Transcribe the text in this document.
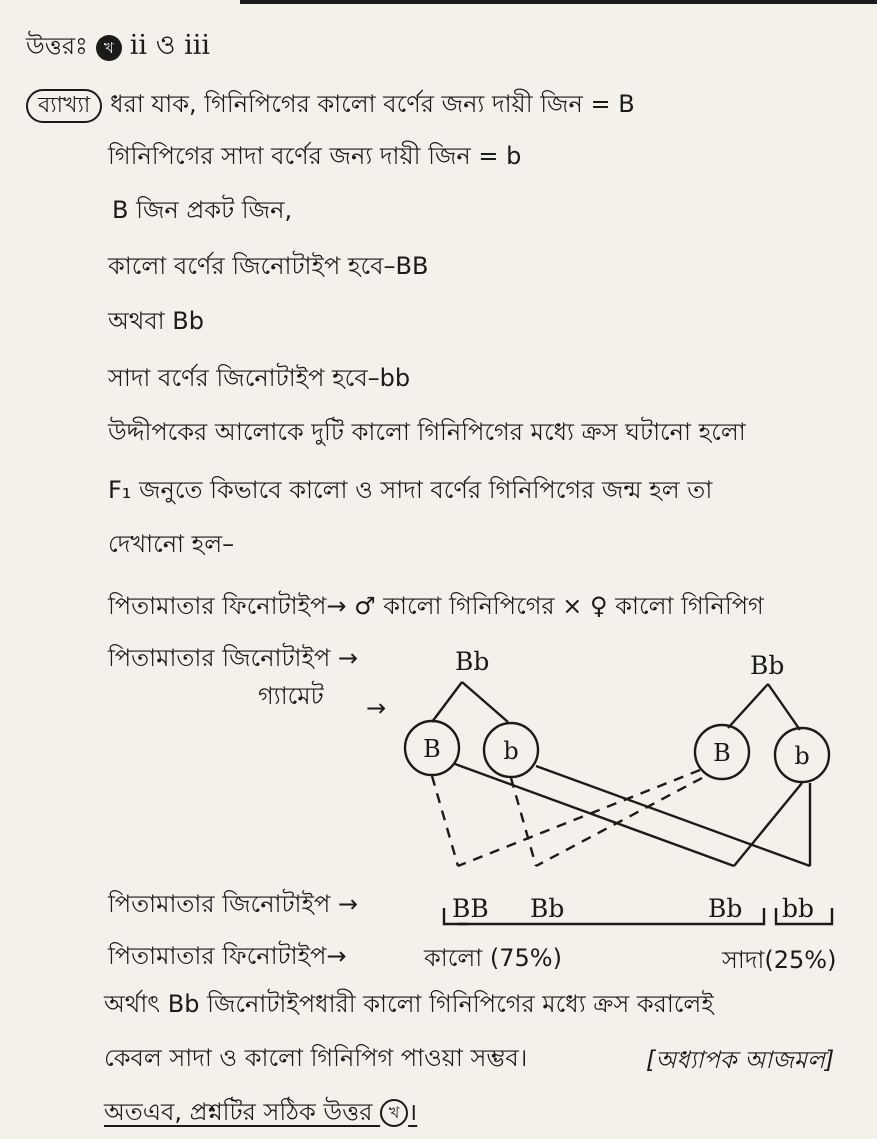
উত্তরঃ খ ii ও iii
ব্যাখ্যা ধরা যাক, গিনিপিগের কালো বর্ণের জন্য দায়ী জিন = B
গিনিপিগের সাদা বর্ণের জন্য দায়ী জিন = b
B জিন প্রকট জিন,
কালো বর্ণের জিনোটাইপ হবে–BB
অথবা Bb
সাদা বর্ণের জিনোটাইপ হবে–bb
উদ্দীপকের আলোকে দুটি কালো গিনিপিগের মধ্যে ক্রস ঘটানো হলো
F₁ জনুতে কিভাবে কালো ও সাদা বর্ণের গিনিপিগের জন্ম হল তা
দেখানো হল–
পিতামাতার ফিনোটাইপ→ ♂ কালো গিনিপিগের × ♀ কালো গিনিপিগ
পিতামাতার জিনোটাইপ →	Bb	Bb
গ্যামেট →
B	b	B	b
পিতামাতার জিনোটাইপ →	BB Bb	Bb bb
পিতামাতার ফিনোটাইপ→	কালো (75%)	সাদা(25%)
অর্থাৎ Bb জিনোটাইপধারী কালো গিনিপিগের মধ্যে ক্রস করালেই
কেবল সাদা ও কালো গিনিপিগ পাওয়া সম্ভব।	[অধ্যাপক আজমল]
অতএব, প্রশ্নটির সঠিক উত্তর খ ।
